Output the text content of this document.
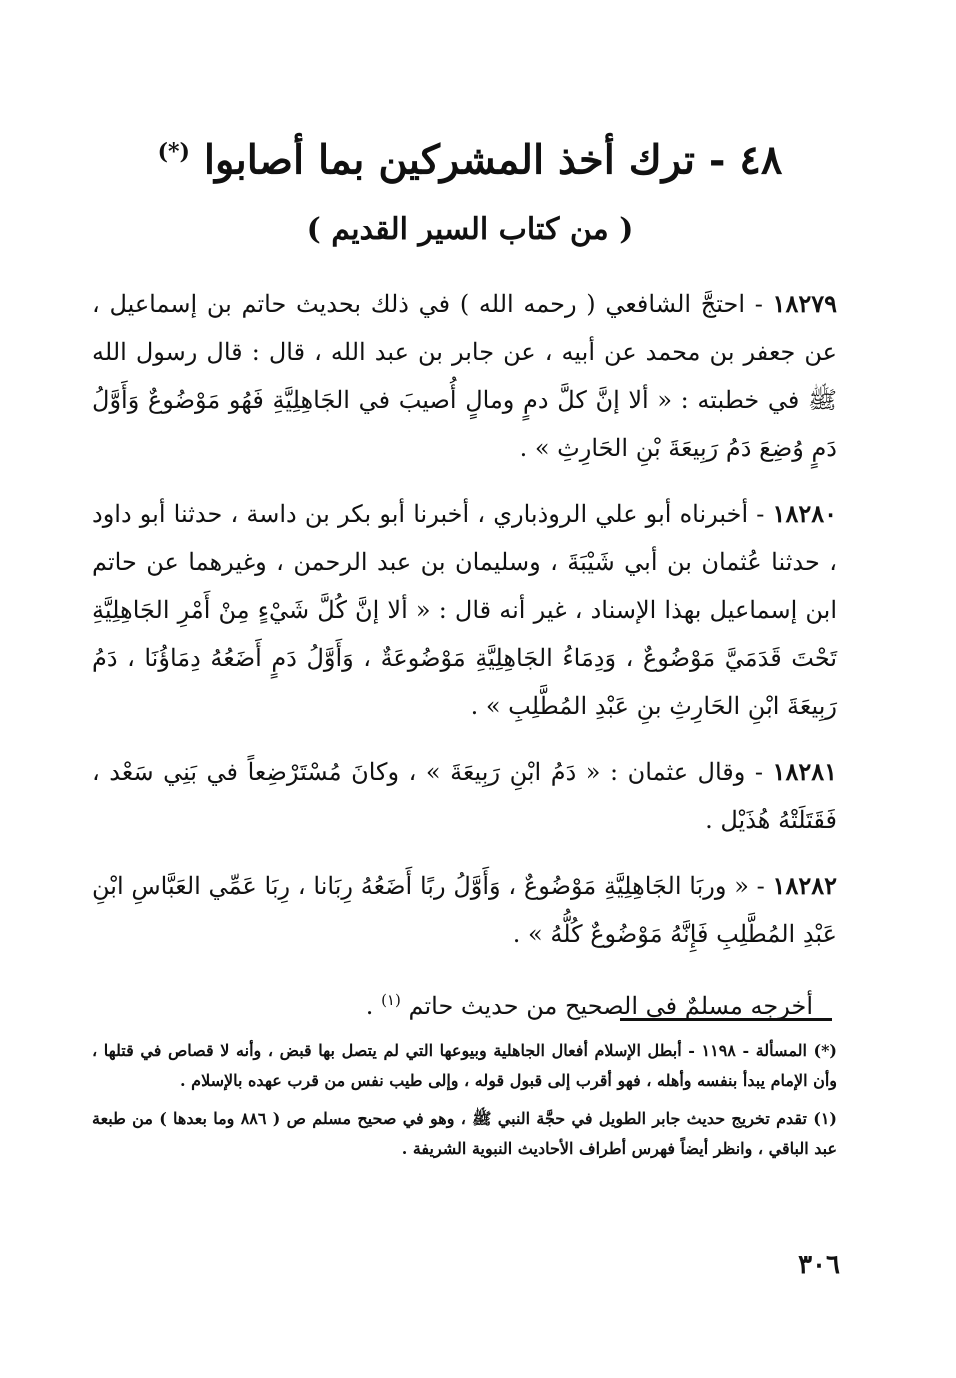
٤٨ - ترك أخذ المشركين بما أصابوا (*)
( من كتاب السير القديم )

١٨٢٧٩ - احتجَّ الشافعي ( رحمه الله ) في ذلك بحديث حاتم بن إسماعيل ، عن جعفر بن محمد عن أبيه ، عن جابر بن عبد الله ، قال : قال رسول الله ﷺ في خطبته : « ألا إنَّ كلَّ دمٍ ومالٍ أُصيبَ في الجَاهِلِيَّةِ فَهُو مَوْضُوعٌ وَأَوَّلُ دَمٍ وُضِعَ دَمُ رَبِيعَةَ بْنِ الحَارِثِ » .

١٨٢٨٠ - أخبرناه أبو علي الروذباري ، أخبرنا أبو بكر بن داسة ، حدثنا أبو داود ، حدثنا عُثمان بن أبي شَيْبَةَ ، وسليمان بن عبد الرحمن ، وغيرهما عن حاتم ابن إسماعيل بهذا الإسناد ، غير أنه قال : « ألا إنَّ كُلَّ شَيْءٍ مِنْ أَمْرِ الجَاهِلِيَّةِ تَحْتَ قَدَمَيَّ مَوْضُوعٌ ، وَدِمَاءُ الجَاهِلِيَّةِ مَوْضُوعَةٌ ، وَأَوَّلُ دَمٍ أَضَعُهُ دِمَاؤُنَا ، دَمُ رَبِيعَةَ ابْنِ الحَارِثِ بنِ عَبْدِ المُطَّلِبِ » .

١٨٢٨١ - وقال عثمان : « دَمُ ابْنِ رَبِيعَةَ » ، وكانَ مُسْتَرْضِعاً في بَنِي سَعْد ، فَقَتَلَتْهُ هُذَيْل .

١٨٢٨٢ - « وربَا الجَاهِلِيَّةِ مَوْضُوعٌ ، وَأَوَّلُ ربًا أَضَعُهُ رِبَانا ، رِبَا عَمِّي العَبَّاسِ ابْنِ عَبْدِ المُطَّلِبِ فَإِنَّهُ مَوْضُوعٌ كُلُّهُ » .

أخرجه مسلمٌ في الصحيح من حديث حاتم $^{(١)}$ .

(*) المسألة - ١١٩٨ - أبطل الإسلام أفعال الجاهلية وبيوعها التي لم يتصل بها قبض ، وأنه لا قصاص في قتلها ، وأن الإمام يبدأ بنفسه وأهله ، فهو أقرب إلى قبول قوله ، وإلى طيب نفس من قرب عهده بالإسلام .

(١) تقدم تخريج حديث جابر الطويل في حجَّة النبي ﷺ ، وهو في صحيح مسلم ص ( ٨٨٦ وما بعدها ) من طبعة عبد الباقي ، وانظر أيضاً فهرس أطراف الأحاديث النبوية الشريفة .

٣٠٦
